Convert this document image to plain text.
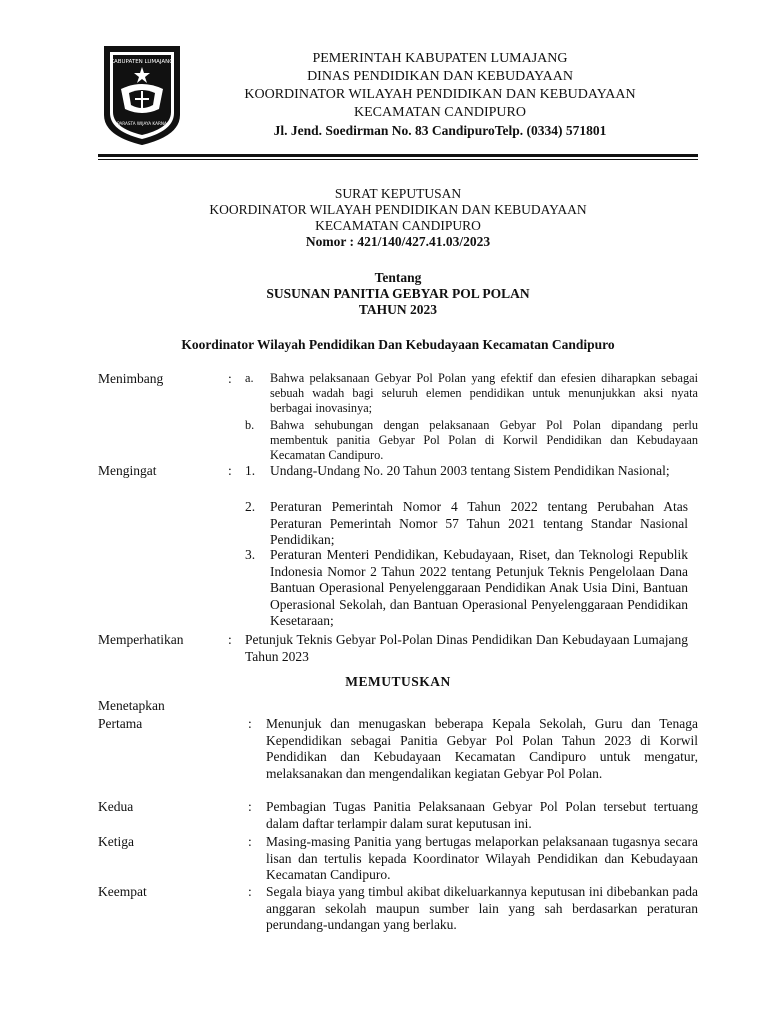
KABUPATEN LUMAJANG
PARASTA WIJAYA KARNA
PEMERINTAH KABUPATEN LUMAJANG
DINAS PENDIDIKAN DAN KEBUDAYAAN
KOORDINATOR WILAYAH PENDIDIKAN DAN KEBUDAYAAN
KECAMATAN CANDIPURO
Jl. Jend. Soedirman No. 83 CandipuroTelp. (0334) 571801
SURAT KEPUTUSAN
KOORDINATOR WILAYAH PENDIDIKAN DAN KEBUDAYAAN
KECAMATAN CANDIPURO
Nomor : 421/140/427.41.03/2023
Tentang
SUSUNAN PANITIA GEBYAR POL POLAN
TAHUN 2023
Koordinator Wilayah Pendidikan Dan Kebudayaan Kecamatan Candipuro
Menimbang	: a. Bahwa pelaksanaan Gebyar Pol Polan yang efektif dan efesien diharapkan sebagai sebuah wadah bagi seluruh elemen pendidikan untuk menunjukkan aksi nyata berbagai inovasinya;
b. Bahwa sehubungan dengan pelaksanaan Gebyar Pol Polan dipandang perlu membentuk panitia Gebyar Pol Polan di Korwil Pendidikan dan Kebudayaan Kecamatan Candipuro.
Mengingat	: 1. Undang-Undang No. 20 Tahun 2003 tentang Sistem Pendidikan Nasional;
2. Peraturan Pemerintah Nomor 4 Tahun 2022 tentang Perubahan Atas Peraturan Pemerintah Nomor 57 Tahun 2021 tentang Standar Nasional Pendidikan;
3. Peraturan Menteri Pendidikan, Kebudayaan, Riset, dan Teknologi Republik Indonesia Nomor 2 Tahun 2022 tentang Petunjuk Teknis Pengelolaan Dana Bantuan Operasional Penyelenggaraan Pendidikan Anak Usia Dini, Bantuan Operasional Sekolah, dan Bantuan Operasional Penyelenggaraan Pendidikan Kesetaraan;
Memperhatikan	: Petunjuk Teknis Gebyar Pol-Polan Dinas Pendidikan Dan Kebudayaan Lumajang Tahun 2023
MEMUTUSKAN
Menetapkan
Pertama	: Menunjuk dan menugaskan beberapa Kepala Sekolah, Guru dan Tenaga Kependidikan sebagai Panitia Gebyar Pol Polan Tahun 2023 di Korwil Pendidikan dan Kebudayaan Kecamatan Candipuro untuk mengatur, melaksanakan dan mengendalikan kegiatan Gebyar Pol Polan.
Kedua	: Pembagian Tugas Panitia Pelaksanaan Gebyar Pol Polan tersebut tertuang dalam daftar terlampir dalam surat keputusan ini.
Ketiga	: Masing-masing Panitia yang bertugas melaporkan pelaksanaan tugasnya secara lisan dan tertulis kepada Koordinator Wilayah Pendidikan dan Kebudayaan Kecamatan Candipuro.
Keempat	: Segala biaya yang timbul akibat dikeluarkannya keputusan ini dibebankan pada anggaran sekolah maupun sumber lain yang sah berdasarkan peraturan perundang-undangan yang berlaku.
